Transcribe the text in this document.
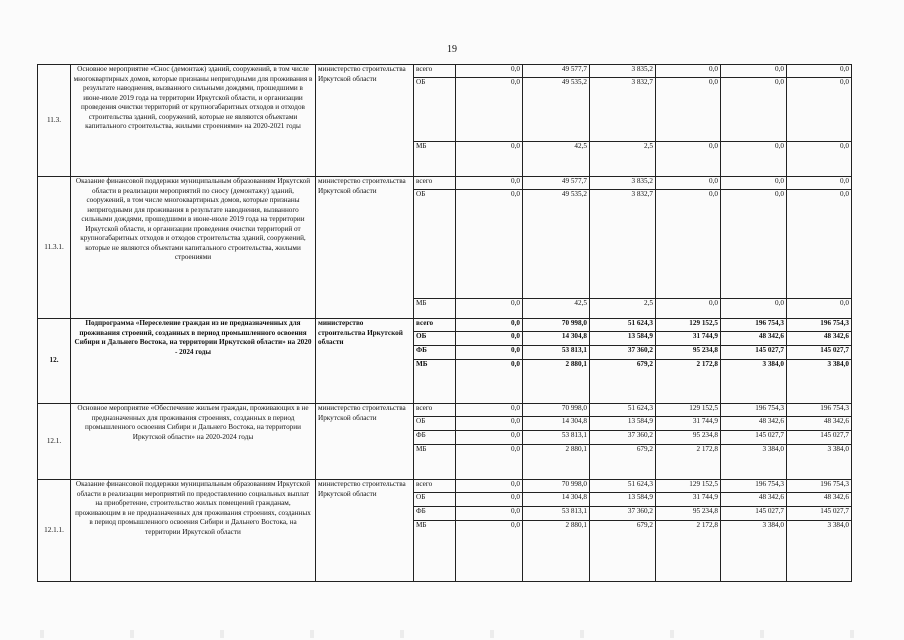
19
11.3.	Основное мероприятие «Снос (демонтаж) зданий, сооружений, в том числе многоквартирных домов, которые признаны непригодными для проживания в результате наводнения, вызванного сильными дождями, прошедшими в июне-июле 2019 года на территории Иркутской области, и организации проведения очистки территорий от крупногабаритных отходов и отходов строительства зданий, сооружений, которые не являются объектами капитального строительства, жилыми строениями» на 2020-2021 годы	министерство строительства Иркутской области	всего	0,0	49 577,7	3 835,2	0,0	0,0	0,0
			ОБ	0,0	49 535,2	3 832,7	0,0	0,0	0,0
			МБ	0,0	42,5	2,5	0,0	0,0	0,0
11.3.1.	Оказание финансовой поддержки муниципальным образованиям Иркутской области в реализации мероприятий по сносу (демонтажу) зданий, сооружений, в том числе многоквартирных домов, которые признаны непригодными для проживания в результате наводнения, вызванного сильными дождями, прошедшими в июне-июле 2019 года на территории Иркутской области, и организации проведения очистки территорий от крупногабаритных отходов и отходов строительства зданий, сооружений, которые не являются объектами капитального строительства, жилыми строениями	министерство строительства Иркутской области	всего	0,0	49 577,7	3 835,2	0,0	0,0	0,0
			ОБ	0,0	49 535,2	3 832,7	0,0	0,0	0,0
			МБ	0,0	42,5	2,5	0,0	0,0	0,0
12.	Подпрограмма «Переселение граждан из не предназначенных для проживания строений, созданных в период промышленного освоения Сибири и Дальнего Востока, на территории Иркутской области» на 2020 - 2024 годы	министерство строительства Иркутской области	всего	0,0	70 998,0	51 624,3	129 152,5	196 754,3	196 754,3
			ОБ	0,0	14 304,8	13 584,9	31 744,9	48 342,6	48 342,6
			ФБ	0,0	53 813,1	37 360,2	95 234,8	145 027,7	145 027,7
			МБ	0,0	2 880,1	679,2	2 172,8	3 384,0	3 384,0
12.1.	Основное мероприятие «Обеспечение жильем граждан, проживающих в не предназначенных для проживания строениях, созданных в период промышленного освоения Сибири и Дальнего Востока, на территории Иркутской области» на 2020-2024 годы	министерство строительства Иркутской области	всего	0,0	70 998,0	51 624,3	129 152,5	196 754,3	196 754,3
			ОБ	0,0	14 304,8	13 584,9	31 744,9	48 342,6	48 342,6
			ФБ	0,0	53 813,1	37 360,2	95 234,8	145 027,7	145 027,7
			МБ	0,0	2 880,1	679,2	2 172,8	3 384,0	3 384,0
12.1.1.	Оказание финансовой поддержки муниципальным образованиям Иркутской области в реализации мероприятий по предоставлению социальных выплат на приобретение, строительство жилых помещений гражданам, проживающим в не предназначенных для проживания строениях, созданных в период промышленного освоения Сибири и Дальнего Востока, на территории Иркутской области	министерство строительства Иркутской области	всего	0,0	70 998,0	51 624,3	129 152,5	196 754,3	196 754,3
			ОБ	0,0	14 304,8	13 584,9	31 744,9	48 342,6	48 342,6
			ФБ	0,0	53 813,1	37 360,2	95 234,8	145 027,7	145 027,7
			МБ	0,0	2 880,1	679,2	2 172,8	3 384,0	3 384,0
